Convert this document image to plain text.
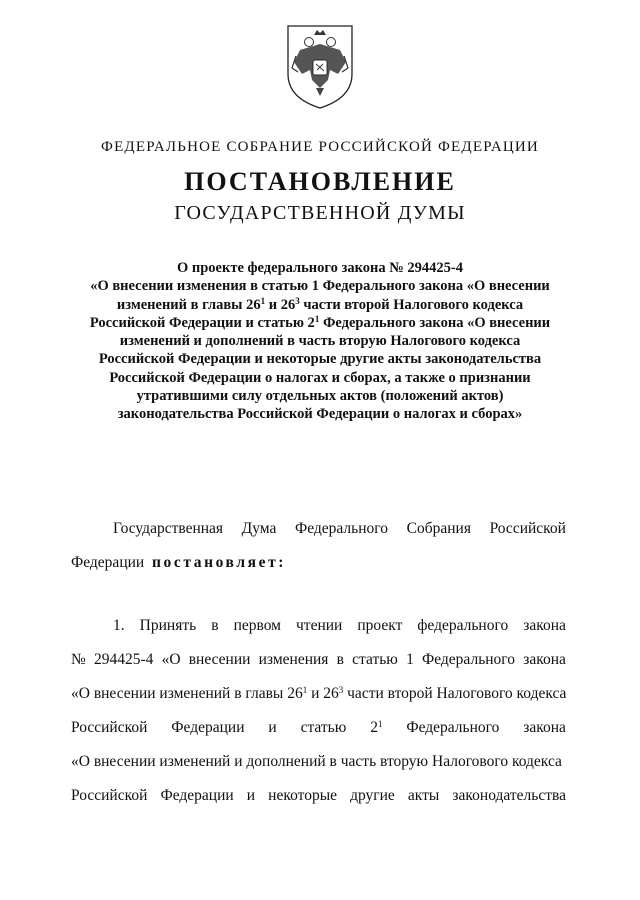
ФЕДЕРАЛЬНОЕ СОБРАНИЕ РОССИЙСКОЙ ФЕДЕРАЦИИ
ПОСТАНОВЛЕНИЕ
ГОСУДАРСТВЕННОЙ ДУМЫ
О проекте федерального закона № 294425-4
«О внесении изменения в статью 1 Федерального закона «О внесении
изменений в главы $26^1$ и $26^3$ части второй Налогового кодекса
Российской Федерации и статью $2^1$ Федерального закона «О внесении
изменений и дополнений в часть вторую Налогового кодекса
Российской Федерации и некоторые другие акты законодательства
Российской Федерации о налогах и сборах, а также о признании
утратившими силу отдельных актов (положений актов)
законодательства Российской Федерации о налогах и сборах»
Государственная Дума Федерального Собрания Российской
Федерации постановляет:
1. Принять в первом чтении проект федерального закона
№ 294425-4 «О внесении изменения в статью 1 Федерального закона
«О внесении изменений в главы $26^1$ и $26^3$ части второй Налогового кодекса
Российской Федерации и статью $2^1$ Федерального закона
«О внесении изменений и дополнений в часть вторую Налогового кодекса
Российской Федерации и некоторые другие акты законодательства
